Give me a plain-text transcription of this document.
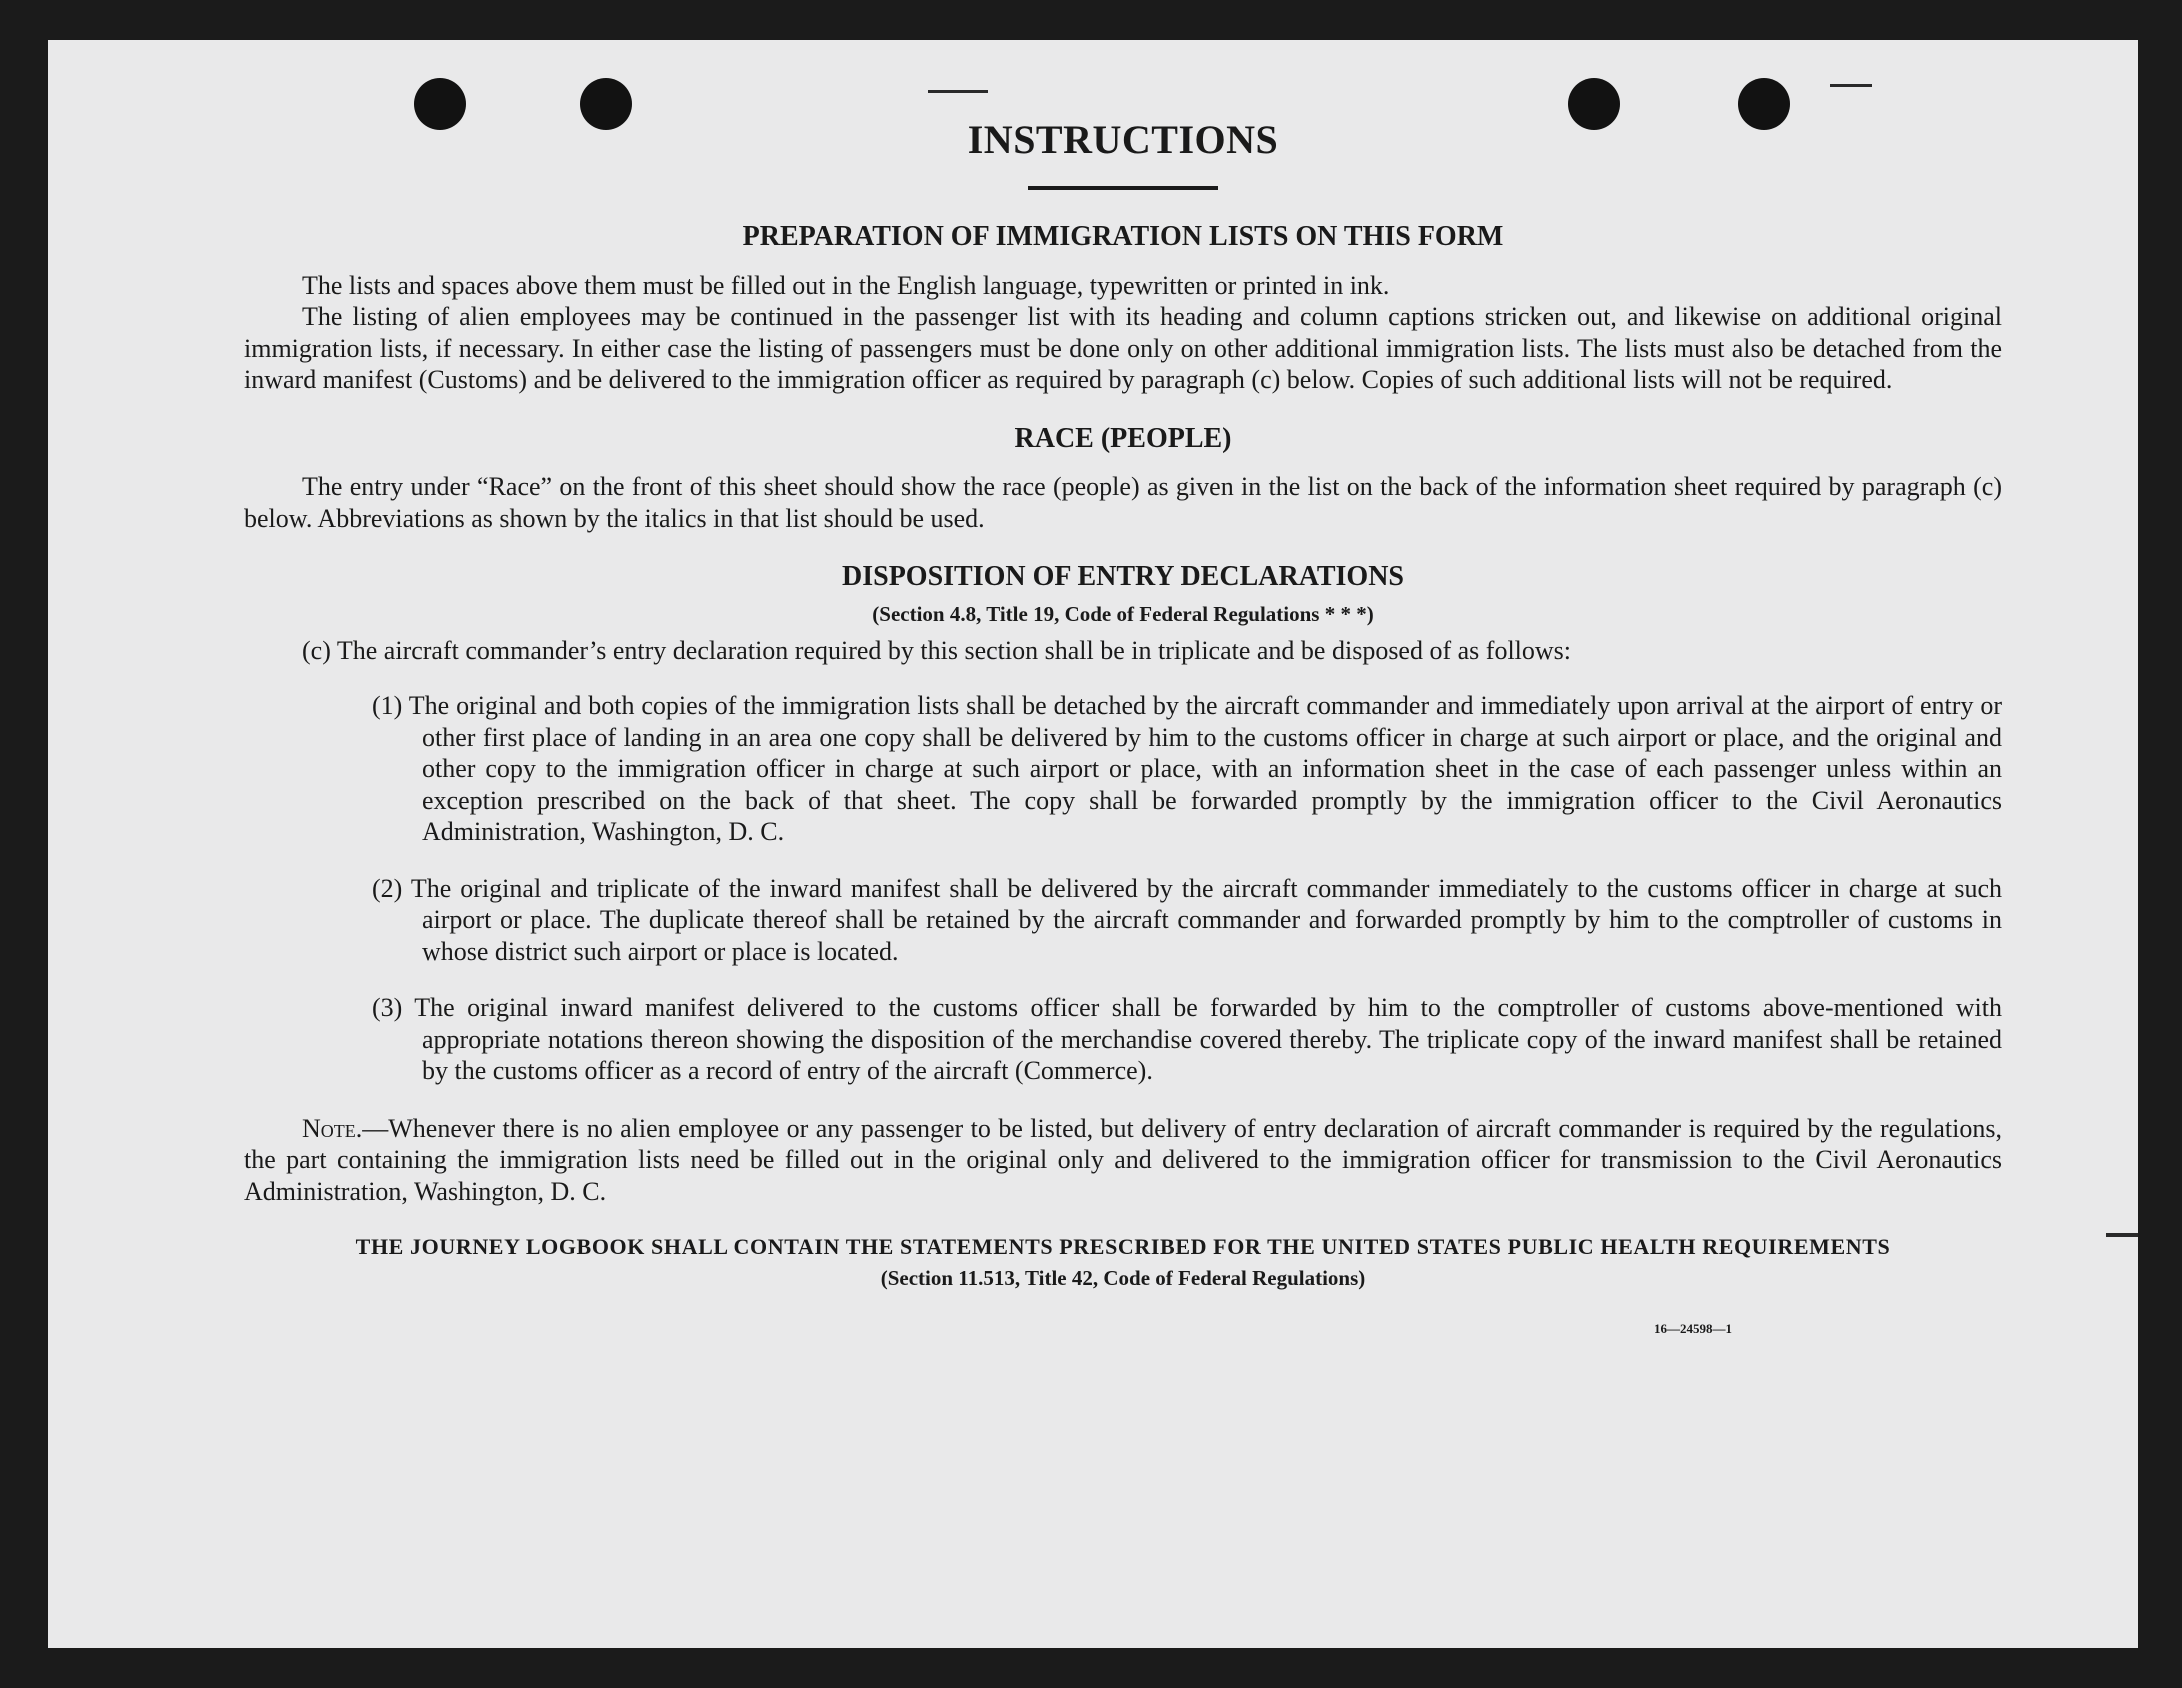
INSTRUCTIONS
PREPARATION OF IMMIGRATION LISTS ON THIS FORM

The lists and spaces above them must be filled out in the English language, typewritten or printed in ink.

The listing of alien employees may be continued in the passenger list with its heading and column captions stricken out, and likewise on additional original immigration lists, if necessary. In either case the listing of passengers must be done only on other additional immigration lists. The lists must also be detached from the inward manifest (Customs) and be delivered to the immigration officer as required by paragraph (c) below. Copies of such additional lists will not be required.

RACE (PEOPLE)

The entry under “Race” on the front of this sheet should show the race (people) as given in the list on the back of the information sheet required by paragraph (c) below. Abbreviations as shown by the italics in that list should be used.

DISPOSITION OF ENTRY DECLARATIONS
(Section 4.8, Title 19, Code of Federal Regulations * * *)

(c) The aircraft commander’s entry declaration required by this section shall be in triplicate and be disposed of as follows:

(1) The original and both copies of the immigration lists shall be detached by the aircraft commander and immediately upon arrival at the airport of entry or other first place of landing in an area one copy shall be delivered by him to the customs officer in charge at such airport or place, and the original and other copy to the immigration officer in charge at such airport or place, with an information sheet in the case of each passenger unless within an exception prescribed on the back of that sheet. The copy shall be forwarded promptly by the immigration officer to the Civil Aeronautics Administration, Washington, D. C.
(2) The original and triplicate of the inward manifest shall be delivered by the aircraft commander immediately to the customs officer in charge at such airport or place. The duplicate thereof shall be retained by the aircraft commander and forwarded promptly by him to the comptroller of customs in whose district such airport or place is located.
(3) The original inward manifest delivered to the customs officer shall be forwarded by him to the comptroller of customs above-mentioned with appropriate notations thereon showing the disposition of the merchandise covered thereby. The triplicate copy of the inward manifest shall be retained by the customs officer as a record of entry of the aircraft (Commerce).

Note.—Whenever there is no alien employee or any passenger to be listed, but delivery of entry declaration of aircraft commander is required by the regulations, the part containing the immigration lists need be filled out in the original only and delivered to the immigration officer for transmission to the Civil Aeronautics Administration, Washington, D. C.

THE JOURNEY LOGBOOK SHALL CONTAIN THE STATEMENTS PRESCRIBED FOR THE UNITED STATES PUBLIC HEALTH REQUIREMENTS
(Section 11.513, Title 42, Code of Federal Regulations)
16—24598—1
